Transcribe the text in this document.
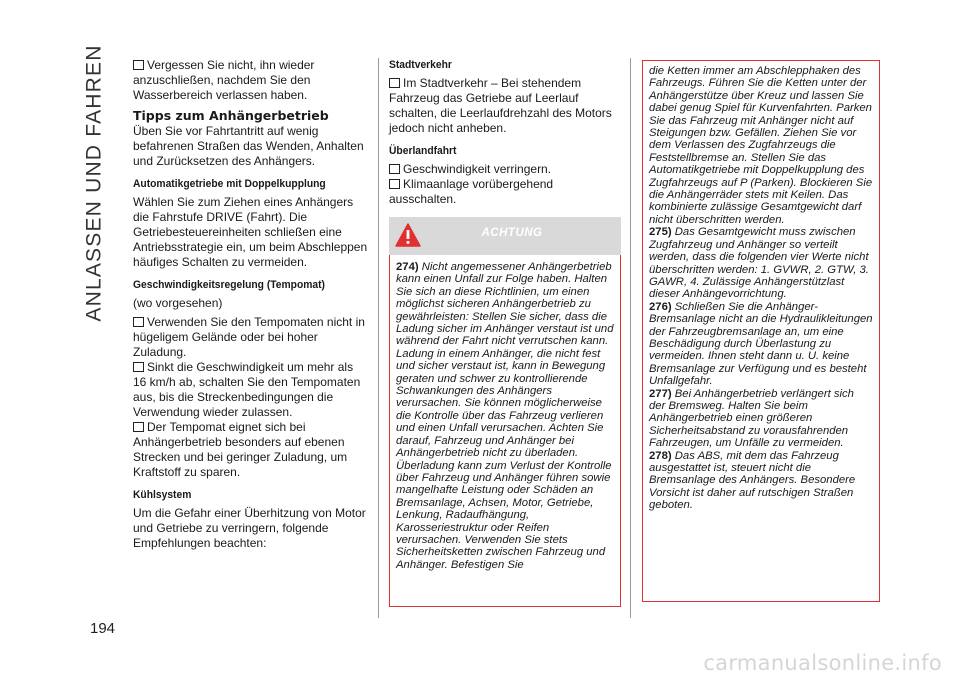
ANLASSEN UND FAHREN
194

Vergessen Sie nicht, ihn wieder anzuschließen, nachdem Sie den Wasserbereich verlassen haben.

Tipps zum Anhängerbetrieb

Üben Sie vor Fahrtantritt auf wenig befahrenen Straßen das Wenden, Anhalten und Zurücksetzen des Anhängers.

Automatikgetriebe mit Doppelkupplung

Wählen Sie zum Ziehen eines Anhängers die Fahrstufe DRIVE (Fahrt). Die Getriebesteuereinheiten schließen eine Antriebsstrategie ein, um beim Abschleppen häufiges Schalten zu vermeiden.

Geschwindigkeitsregelung (Tempomat)

(wo vorgesehen)

Verwenden Sie den Tempomaten nicht in hügeligem Gelände oder bei hoher Zuladung.

Sinkt die Geschwindigkeit um mehr als 16 km/h ab, schalten Sie den Tempomaten aus, bis die Streckenbedingungen die Verwendung wieder zulassen.

Der Tempomat eignet sich bei Anhängerbetrieb besonders auf ebenen Strecken und bei geringer Zuladung, um Kraftstoff zu sparen.

Kühlsystem

Um die Gefahr einer Überhitzung von Motor und Getriebe zu verringern, folgende Empfehlungen beachten:

Stadtverkehr

Im Stadtverkehr – Bei stehendem Fahrzeug das Getriebe auf Leerlauf schalten, die Leerlaufdrehzahl des Motors jedoch nicht anheben.

Überlandfahrt

Geschwindigkeit verringern.

Klimaanlage vorübergehend ausschalten.

ACHTUNG

274) Nicht angemessener Anhängerbetrieb kann einen Unfall zur Folge haben. Halten Sie sich an diese Richtlinien, um einen möglichst sicheren Anhängerbetrieb zu gewährleisten: Stellen Sie sicher, dass die Ladung sicher im Anhänger verstaut ist und während der Fahrt nicht verrutschen kann. Ladung in einem Anhänger, die nicht fest und sicher verstaut ist, kann in Bewegung geraten und schwer zu kontrollierende Schwankungen des Anhängers verursachen. Sie können möglicherweise die Kontrolle über das Fahrzeug verlieren und einen Unfall verursachen. Achten Sie darauf, Fahrzeug und Anhänger bei Anhängerbetrieb nicht zu überladen. Überladung kann zum Verlust der Kontrolle über Fahrzeug und Anhänger führen sowie mangelhafte Leistung oder Schäden an Bremsanlage, Achsen, Motor, Getriebe, Lenkung, Radaufhängung, Karosseriestruktur oder Reifen verursachen. Verwenden Sie stets Sicherheitsketten zwischen Fahrzeug und Anhänger. Befestigen Sie

die Ketten immer am Abschlepphaken des Fahrzeugs. Führen Sie die Ketten unter der Anhängerstütze über Kreuz und lassen Sie dabei genug Spiel für Kurvenfahrten. Parken Sie das Fahrzeug mit Anhänger nicht auf Steigungen bzw. Gefällen. Ziehen Sie vor dem Verlassen des Zugfahrzeugs die Feststellbremse an. Stellen Sie das Automatikgetriebe mit Doppelkupplung des Zugfahrzeugs auf P (Parken). Blockieren Sie die Anhängerräder stets mit Keilen. Das kombinierte zulässige Gesamtgewicht darf nicht überschritten werden.

275) Das Gesamtgewicht muss zwischen Zugfahrzeug und Anhänger so verteilt werden, dass die folgenden vier Werte nicht überschritten werden: 1. GVWR, 2. GTW, 3. GAWR, 4. Zulässige Anhängerstützlast dieser Anhängevorrichtung.

276) Schließen Sie die Anhänger-Bremsanlage nicht an die Hydraulikleitungen der Fahrzeugbremsanlage an, um eine Beschädigung durch Überlastung zu vermeiden. Ihnen steht dann u. U. keine Bremsanlage zur Verfügung und es besteht Unfallgefahr.

277) Bei Anhängerbetrieb verlängert sich der Bremsweg. Halten Sie beim Anhängerbetrieb einen größeren Sicherheitsabstand zu vorausfahrenden Fahrzeugen, um Unfälle zu vermeiden.

278) Das ABS, mit dem das Fahrzeug ausgestattet ist, steuert nicht die Bremsanlage des Anhängers. Besondere Vorsicht ist daher auf rutschigen Straßen geboten.

carmanualsonline.info
